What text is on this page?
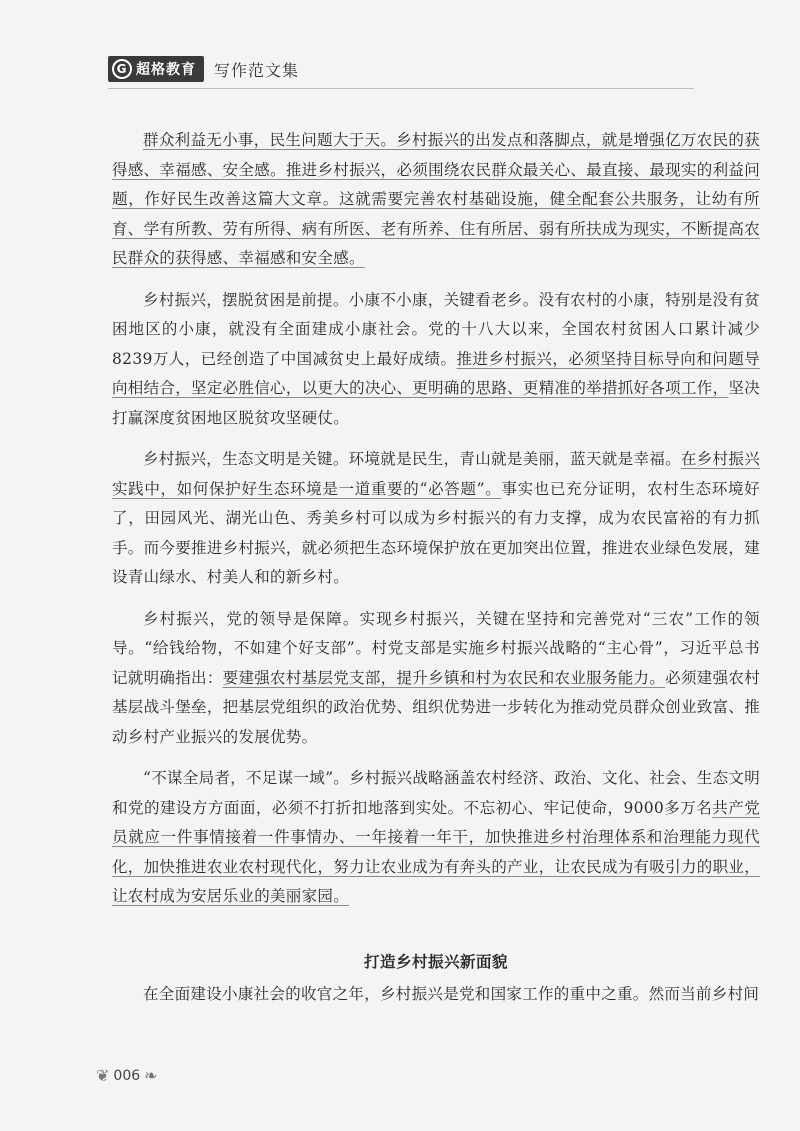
G 超格教育 写作范文集

群众利益无小事，民生问题大于天。乡村振兴的出发点和落脚点，就是增强亿万农民的获得感、幸福感、安全感。推进乡村振兴，必须围绕农民群众最关心、最直接、最现实的利益问题，作好民生改善这篇大文章。这就需要完善农村基础设施，健全配套公共服务，让幼有所育、学有所教、劳有所得、病有所医、老有所养、住有所居、弱有所扶成为现实，不断提高农民群众的获得感、幸福感和安全感。

乡村振兴，摆脱贫困是前提。小康不小康，关键看老乡。没有农村的小康，特别是没有贫困地区的小康，就没有全面建成小康社会。党的十八大以来，全国农村贫困人口累计减少8239万人，已经创造了中国减贫史上最好成绩。推进乡村振兴，必须坚持目标导向和问题导向相结合，坚定必胜信心，以更大的决心、更明确的思路、更精准的举措抓好各项工作，坚决打赢深度贫困地区脱贫攻坚硬仗。

乡村振兴，生态文明是关键。环境就是民生，青山就是美丽，蓝天就是幸福。在乡村振兴实践中，如何保护好生态环境是一道重要的“必答题”。事实也已充分证明，农村生态环境好了，田园风光、湖光山色、秀美乡村可以成为乡村振兴的有力支撑，成为农民富裕的有力抓手。而今要推进乡村振兴，就必须把生态环境保护放在更加突出位置，推进农业绿色发展，建设青山绿水、村美人和的新乡村。

乡村振兴，党的领导是保障。实现乡村振兴，关键在坚持和完善党对“三农”工作的领导。“给钱给物，不如建个好支部”。村党支部是实施乡村振兴战略的“主心骨”，习近平总书记就明确指出：要建强农村基层党支部，提升乡镇和村为农民和农业服务能力。必须建强农村基层战斗堡垒，把基层党组织的政治优势、组织优势进一步转化为推动党员群众创业致富、推动乡村产业振兴的发展优势。

“不谋全局者，不足谋一域”。乡村振兴战略涵盖农村经济、政治、文化、社会、生态文明和党的建设方方面面，必须不打折扣地落到实处。不忘初心、牢记使命，9000多万名共产党员就应一件事情接着一件事情办、一年接着一年干，加快推进乡村治理体系和治理能力现代化，加快推进农业农村现代化，努力让农业成为有奔头的产业，让农民成为有吸引力的职业，让农村成为安居乐业的美丽家园。

打造乡村振兴新面貌

在全面建设小康社会的收官之年，乡村振兴是党和国家工作的重中之重。然而当前乡村间

❦ 006 ❧
